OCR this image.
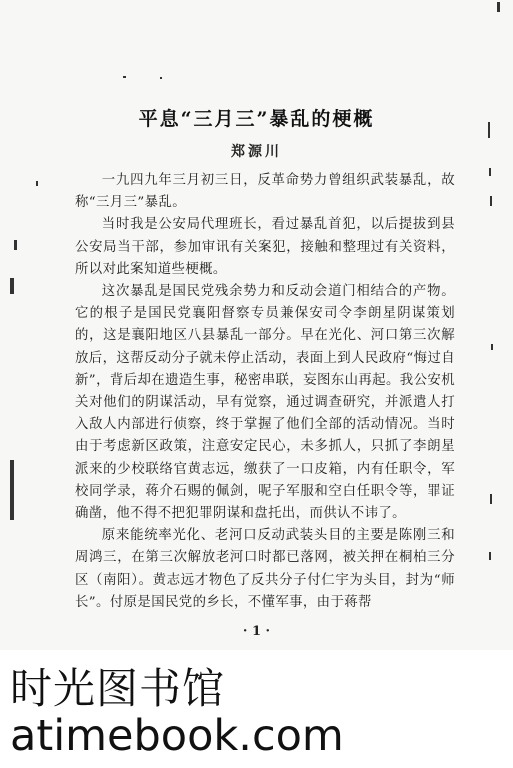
平息“三月三”暴乱的梗概
郑源川

一九四九年三月初三日，反革命势力曾组织武装暴乱，故称“三月三”暴乱。

当时我是公安局代理班长，看过暴乱首犯，以后提拔到县公安局当干部，参加审讯有关案犯，接触和整理过有关资料，所以对此案知道些梗概。

这次暴乱是国民党残余势力和反动会道门相结合的产物。它的根子是国民党襄阳督察专员兼保安司令李朗星阴谋策划的，这是襄阳地区八县暴乱一部分。早在光化、河口第三次解放后，这帮反动分子就未停止活动，表面上到人民政府“悔过自新”，背后却在遗造生事，秘密串联，妄图东山再起。我公安机关对他们的阴谋活动，早有觉察，通过调查研究，并派遣人打入敌人内部进行侦察，终于掌握了他们全部的活动情况。当时由于考虑新区政策，注意安定民心，未多抓人，只抓了李朗星派来的少校联络官黄志远，缴获了一口皮箱，内有任职令，军校同学录，蒋介石赐的佩剑，呢子军服和空白任职令等，罪证确凿，他不得不把犯罪阴谋和盘托出，而供认不讳了。

原来能统率光化、老河口反动武装头目的主要是陈刚三和周鸿三，在第三次解放老河口时都已落网，被关押在桐柏三分区（南阳）。黄志远才物色了反共分子付仁宇为头目，封为“师长”。付原是国民党的乡长，不懂军事，由于蒋帮

· 1 ·
时光图书馆
atimebook.com
